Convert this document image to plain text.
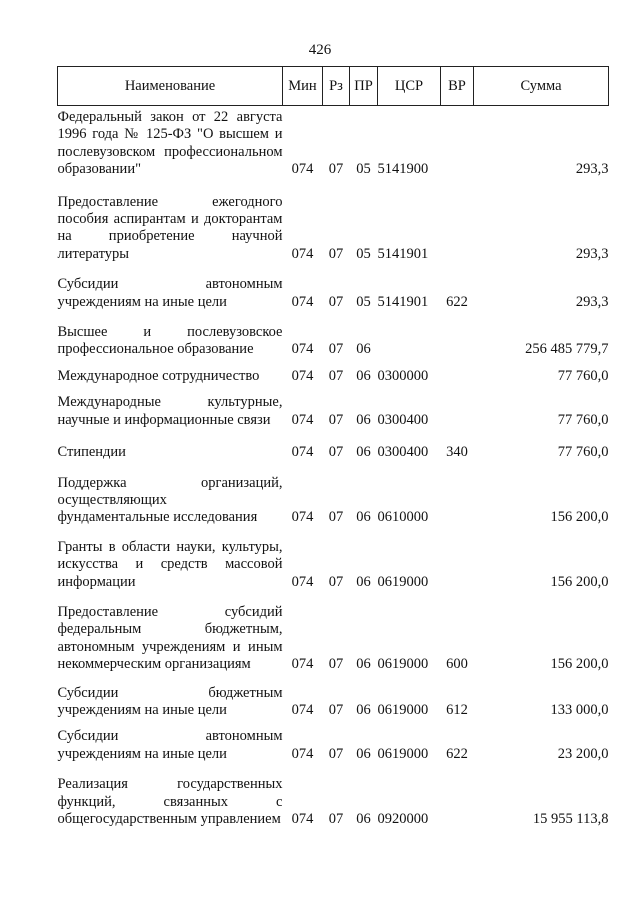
426
Наименование	Мин	Рз	ПР	ЦСР	ВР	Сумма
Федеральный закон от 22 августа 1996 года № 125-ФЗ "О высшем и послевузовском профессиональном образовании"	074	07	05	5141900		293,3
Предоставление ежегодного пособия аспирантам и докторантам на приобретение научной литературы	074	07	05	5141901		293,3
Субсидии автономным учреждениям на иные цели	074	07	05	5141901	622	293,3
Высшее и послевузовское профессиональное образование	074	07	06			256 485 779,7
Международное сотрудничество	074	07	06	0300000		77 760,0
Международные культурные, научные и информационные связи	074	07	06	0300400		77 760,0
Стипендии	074	07	06	0300400	340	77 760,0
Поддержка организаций, осуществляющих фундаментальные исследования	074	07	06	0610000		156 200,0
Гранты в области науки, культуры, искусства и средств массовой информации	074	07	06	0619000		156 200,0
Предоставление субсидий федеральным бюджетным, автономным учреждениям и иным некоммерческим организациям	074	07	06	0619000	600	156 200,0
Субсидии бюджетным учреждениям на иные цели	074	07	06	0619000	612	133 000,0
Субсидии автономным учреждениям на иные цели	074	07	06	0619000	622	23 200,0
Реализация государственных функций, связанных с общегосударственным управлением	074	07	06	0920000		15 955 113,8
